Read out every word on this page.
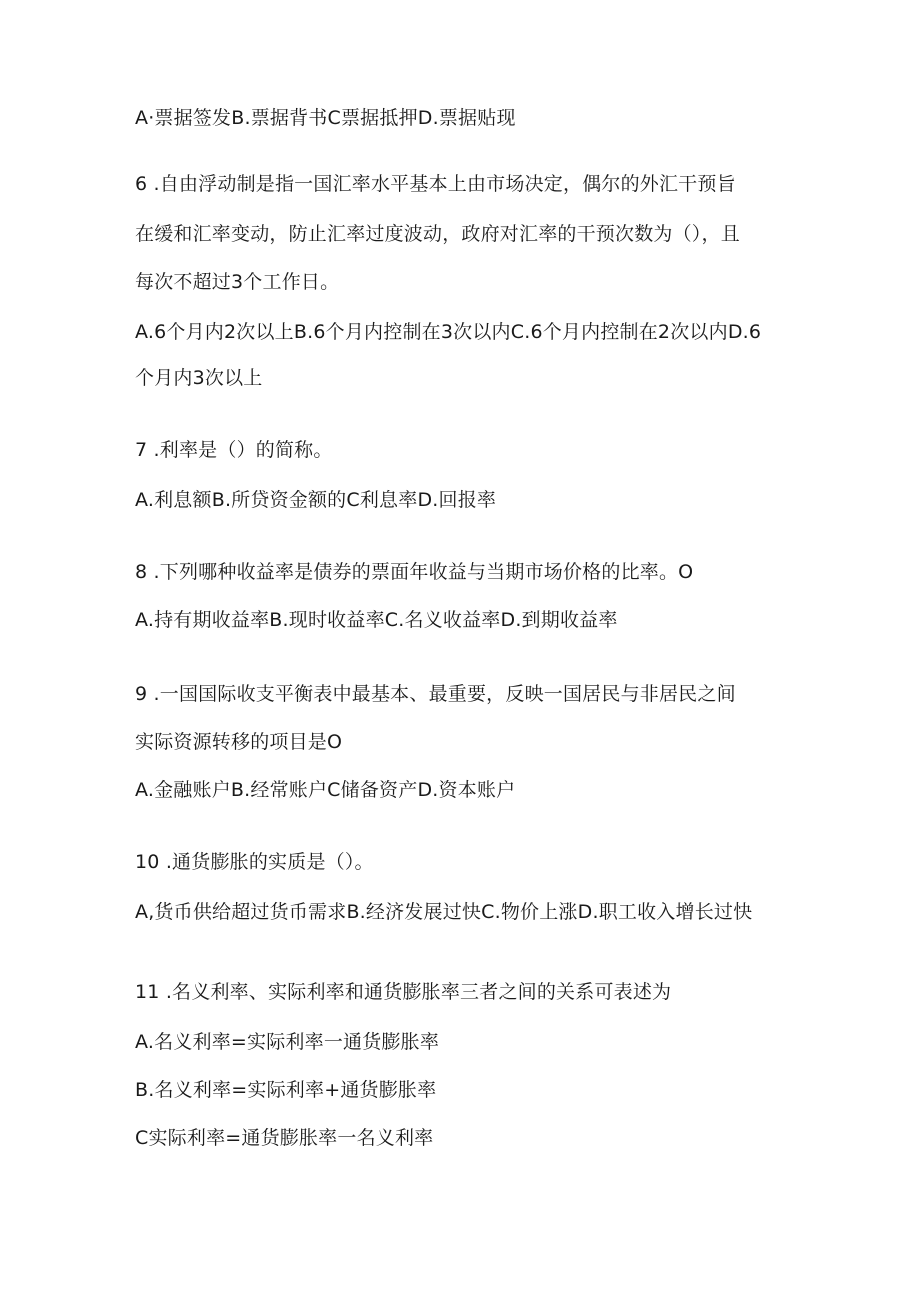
A·票据签发B.票据背书C票据抵押D.票据贴现
6 .自由浮动制是指一国汇率水平基本上由市场决定，偶尔的外汇干预旨
在缓和汇率变动，防止汇率过度波动，政府对汇率的干预次数为（），且
每次不超过3个工作日。
A.6个月内2次以上B.6个月内控制在3次以内C.6个月内控制在2次以内D.6
个月内3次以上
7 .利率是（）的简称。
A.利息额B.所贷资金额的C利息率D.回报率
8 .下列哪种收益率是债券的票面年收益与当期市场价格的比率。O
A.持有期收益率B.现时收益率C.名义收益率D.到期收益率
9 .一国国际收支平衡表中最基本、最重要，反映一国居民与非居民之间
实际资源转移的项目是O
A.金融账户B.经常账户C储备资产D.资本账户
10 .通货膨胀的实质是（）。
A,货币供给超过货币需求B.经济发展过快C.物价上涨D.职工收入增长过快
11 .名义利率、实际利率和通货膨胀率三者之间的关系可表述为
A.名义利率=实际利率一通货膨胀率
B.名义利率=实际利率+通货膨胀率
C实际利率=通货膨胀率一名义利率
